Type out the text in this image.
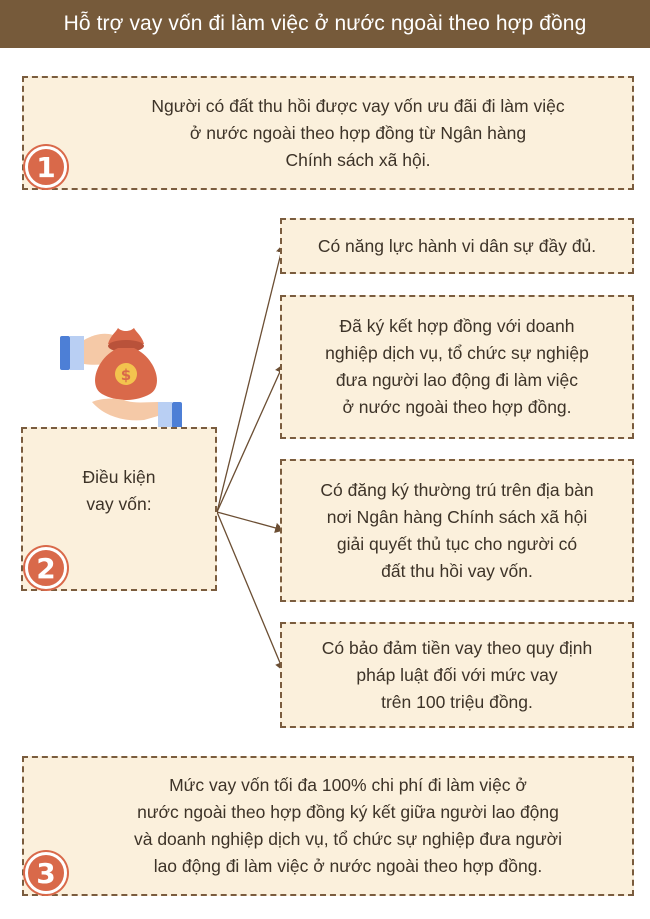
Hỗ trợ vay vốn đi làm việc ở nước ngoài theo hợp đồng
Người có đất thu hồi được vay vốn ưu đãi đi làm việc
ở nước ngoài theo hợp đồng từ Ngân hàng
Chính sách xã hội.
1
$
Điều kiện
vay vốn:
2
Có năng lực hành vi dân sự đầy đủ.
Đã ký kết hợp đồng với doanh
nghiệp dịch vụ, tổ chức sự nghiệp
đưa người lao động đi làm việc
ở nước ngoài theo hợp đồng.
Có đăng ký thường trú trên địa bàn
nơi Ngân hàng Chính sách xã hội
giải quyết thủ tục cho người có
đất thu hồi vay vốn.
Có bảo đảm tiền vay theo quy định
pháp luật đối với mức vay
trên 100 triệu đồng.
Mức vay vốn tối đa 100% chi phí đi làm việc ở
nước ngoài theo hợp đồng ký kết giữa người lao động
và doanh nghiệp dịch vụ, tổ chức sự nghiệp đưa người
lao động đi làm việc ở nước ngoài theo hợp đồng.
3
